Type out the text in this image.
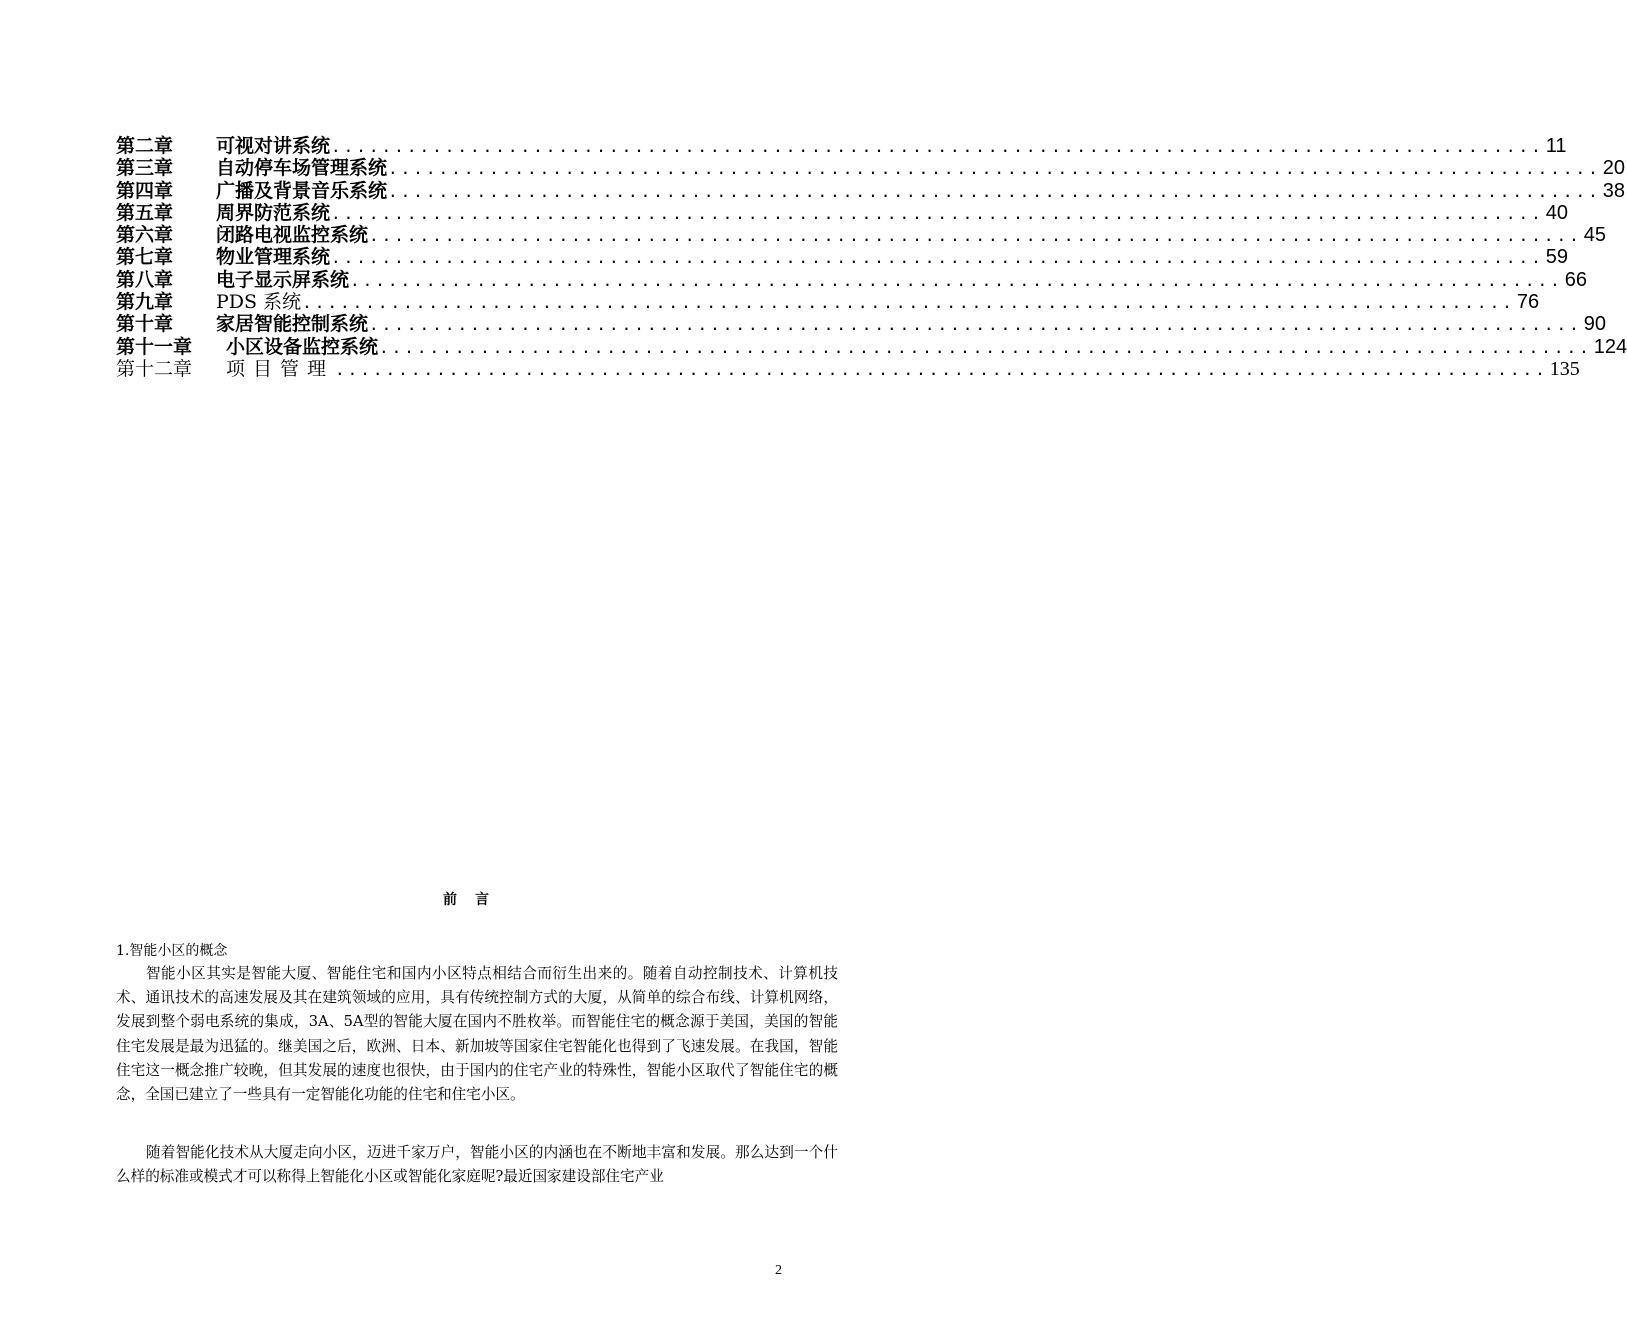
第二章	可视对讲系统 ................................................................................................ 11
第三章	自动停车场管理系统 ................................................................................................ 20
第四章	广播及背景音乐系统 ................................................................................................ 38
第五章	周界防范系统 ................................................................................................ 40
第六章	闭路电视监控系统 ................................................................................................ 45
第七章	物业管理系统 ................................................................................................ 59
第八章	电子显示屏系统 ................................................................................................ 66
第九章	PDS 系统 ................................................................................................ 76
第十章	家居智能控制系统 ................................................................................................ 90
第十一章	小区设备监控系统 ................................................................................................ 124
第十二章	项目管理 ................................................................................................ 135
前言
1.智能小区的概念

智能小区其实是智能大厦、智能住宅和国内小区特点相结合而衍生出来的。随着自动控制技术、计算机技术、通讯技术的高速发展及其在建筑领域的应用，具有传统控制方式的大厦，从简单的综合布线、计算机网络，发展到整个弱电系统的集成，3A、5A型的智能大厦在国内不胜枚举。而智能住宅的概念源于美国，美国的智能住宅发展是最为迅猛的。继美国之后，欧洲、日本、新加坡等国家住宅智能化也得到了飞速发展。在我国，智能住宅这一概念推广较晚，但其发展的速度也很快，由于国内的住宅产业的特殊性，智能小区取代了智能住宅的概念，全国已建立了一些具有一定智能化功能的住宅和住宅小区。

随着智能化技术从大厦走向小区，迈进千家万户，智能小区的内涵也在不断地丰富和发展。那么达到一个什么样的标准或模式才可以称得上智能化小区或智能化家庭呢?最近国家建设部住宅产业

2
